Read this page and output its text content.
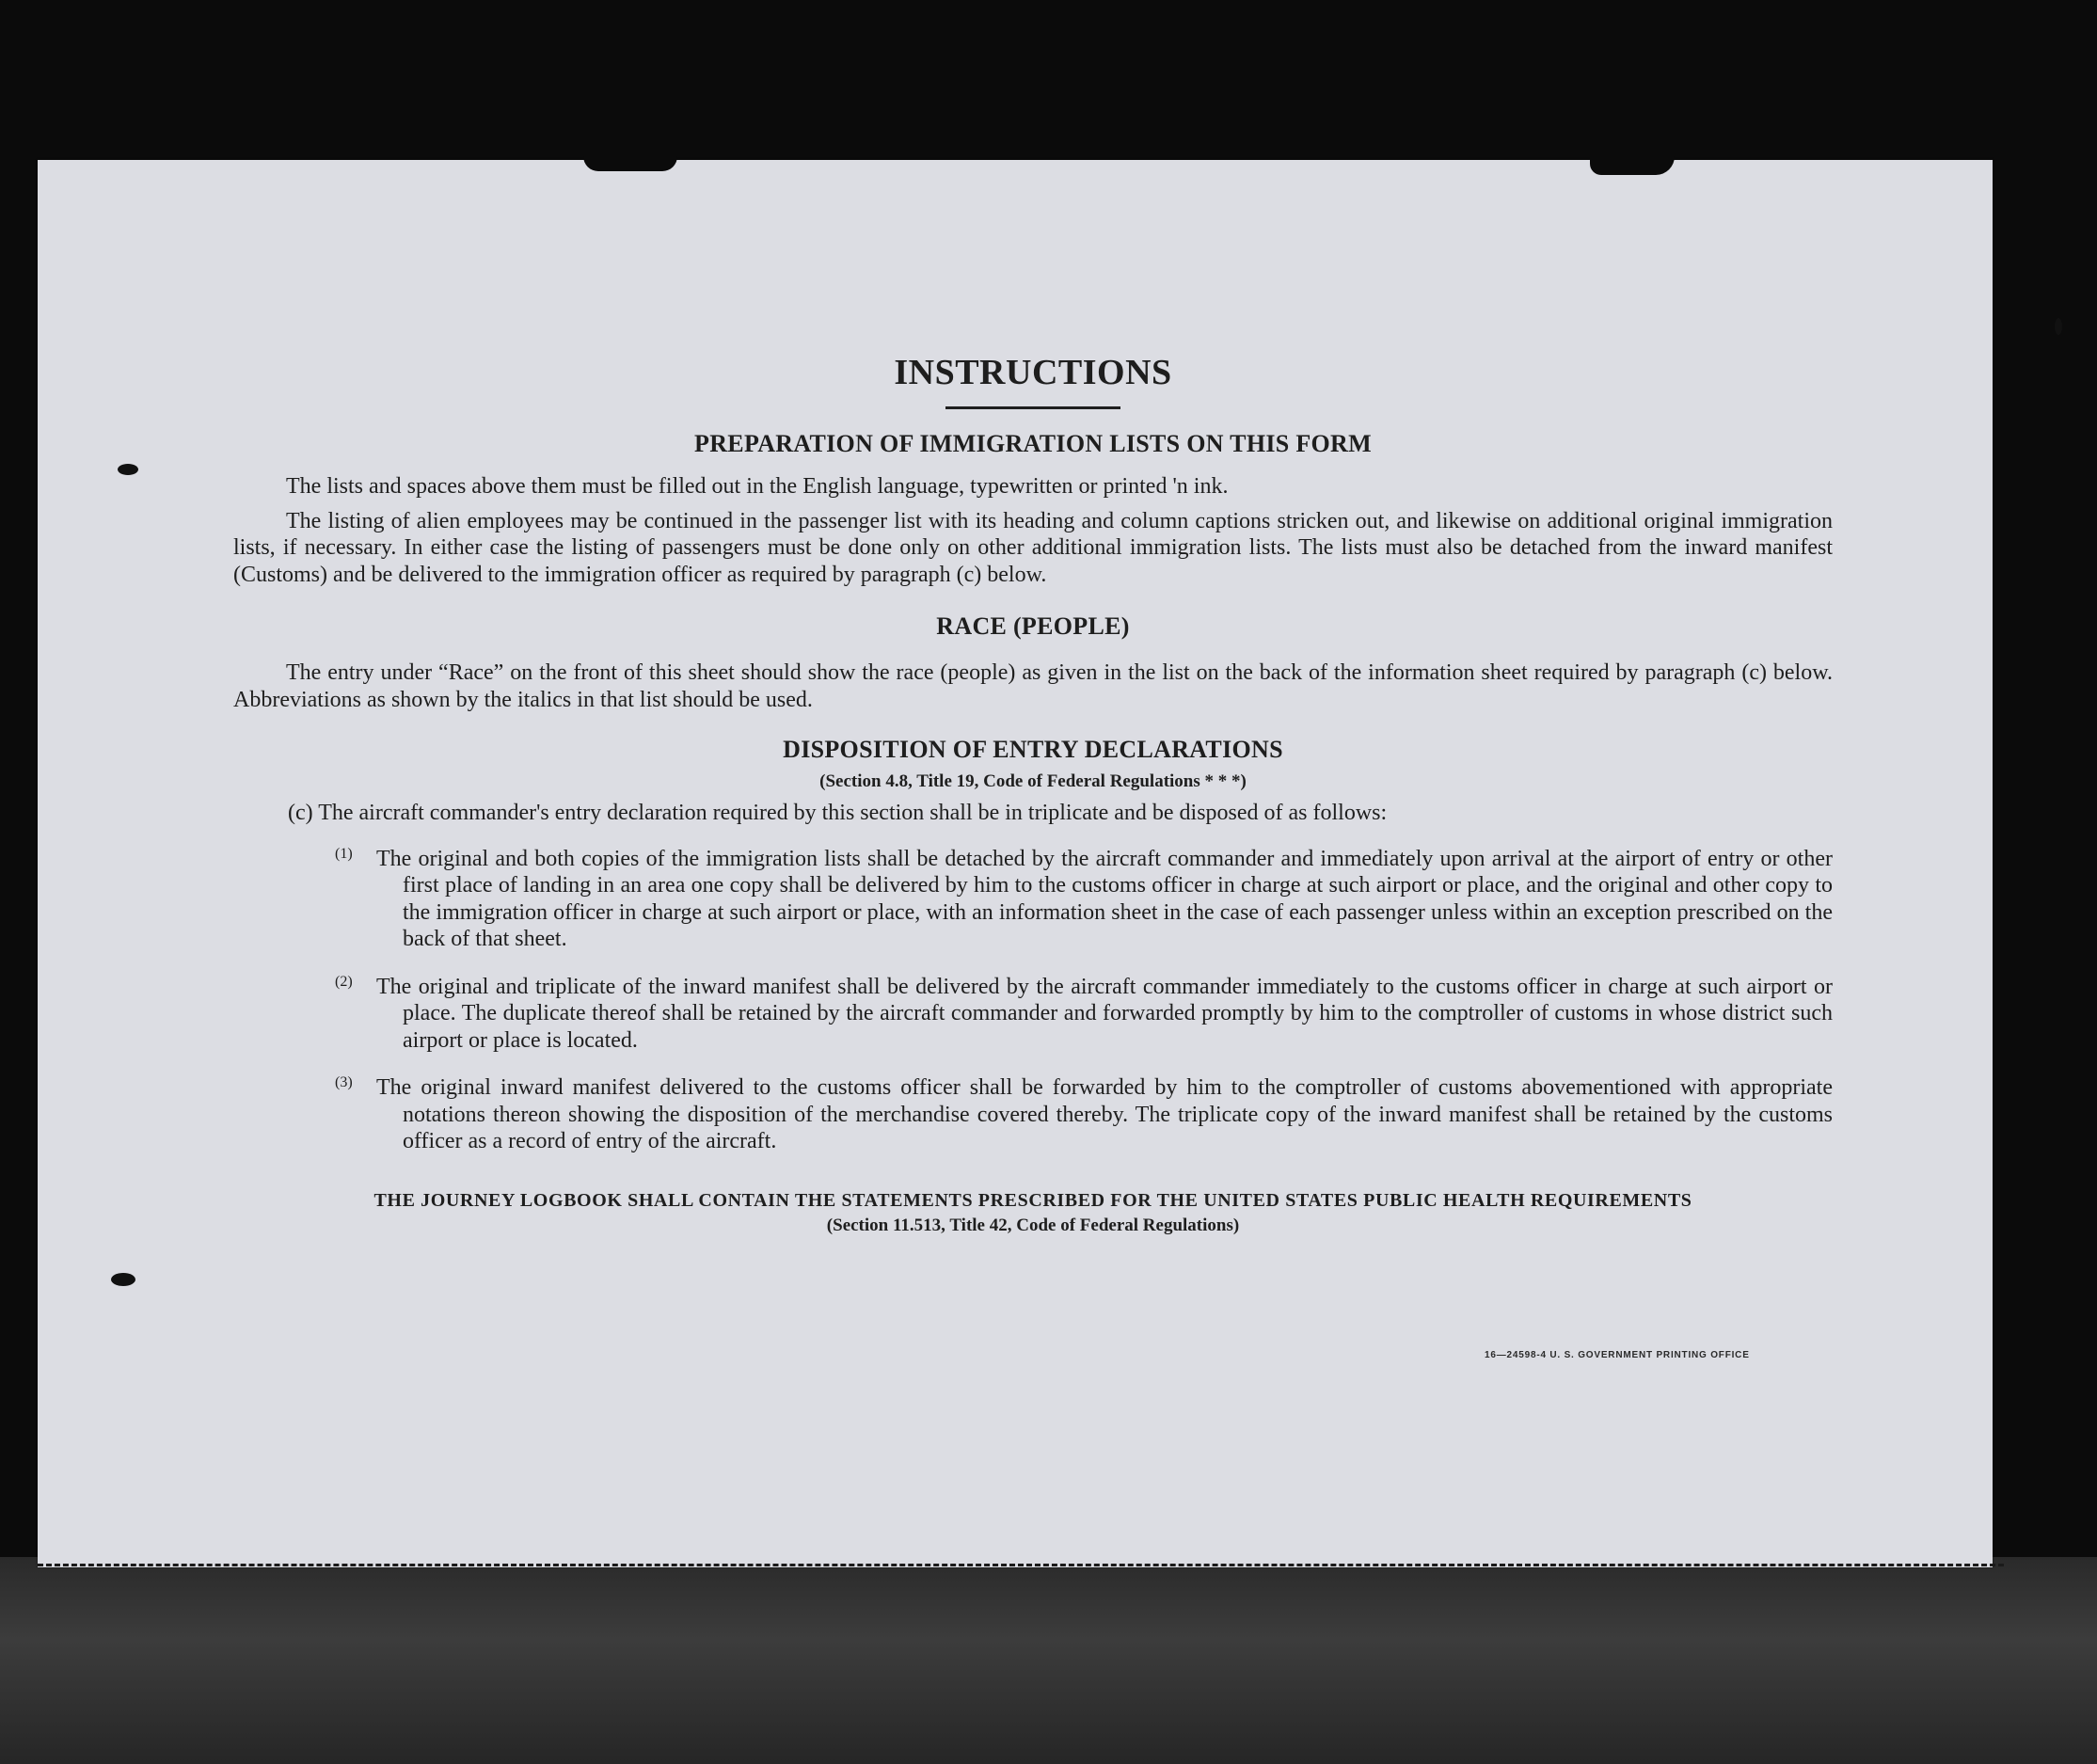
INSTRUCTIONS
PREPARATION OF IMMIGRATION LISTS ON THIS FORM

The lists and spaces above them must be filled out in the English language, typewritten or printed 'n ink.

The listing of alien employees may be continued in the passenger list with its heading and column captions stricken out, and likewise on additional original immigration lists, if necessary. In either case the listing of passengers must be done only on other additional immigration lists. The lists must also be detached from the inward manifest (Customs) and be delivered to the immigration officer as required by paragraph (c) below.

RACE (PEOPLE)

The entry under “Race” on the front of this sheet should show the race (people) as given in the list on the back of the information sheet required by paragraph (c) below. Abbreviations as shown by the italics in that list should be used.

DISPOSITION OF ENTRY DECLARATIONS
(Section 4.8, Title 19, Code of Federal Regulations * * *)

(c) The aircraft commander's entry declaration required by this section shall be in triplicate and be disposed of as follows:

(1) The original and both copies of the immigration lists shall be detached by the aircraft commander and immediately upon arrival at the airport of entry or other first place of landing in an area one copy shall be delivered by him to the customs officer in charge at such airport or place, and the original and other copy to the immigration officer in charge at such airport or place, with an information sheet in the case of each passenger unless within an exception prescribed on the back of that sheet.

(2) The original and triplicate of the inward manifest shall be delivered by the aircraft commander immediately to the customs officer in charge at such airport or place. The duplicate thereof shall be retained by the aircraft commander and forwarded promptly by him to the comptroller of customs in whose district such airport or place is located.

(3) The original inward manifest delivered to the customs officer shall be forwarded by him to the comptroller of customs abovementioned with appropriate notations thereon showing the disposition of the merchandise covered thereby. The triplicate copy of the inward manifest shall be retained by the customs officer as a record of entry of the aircraft.

THE JOURNEY LOGBOOK SHALL CONTAIN THE STATEMENTS PRESCRIBED FOR THE UNITED STATES PUBLIC HEALTH REQUIREMENTS
(Section 11.513, Title 42, Code of Federal Regulations)
16—24598-4 U. S. GOVERNMENT PRINTING OFFICE
